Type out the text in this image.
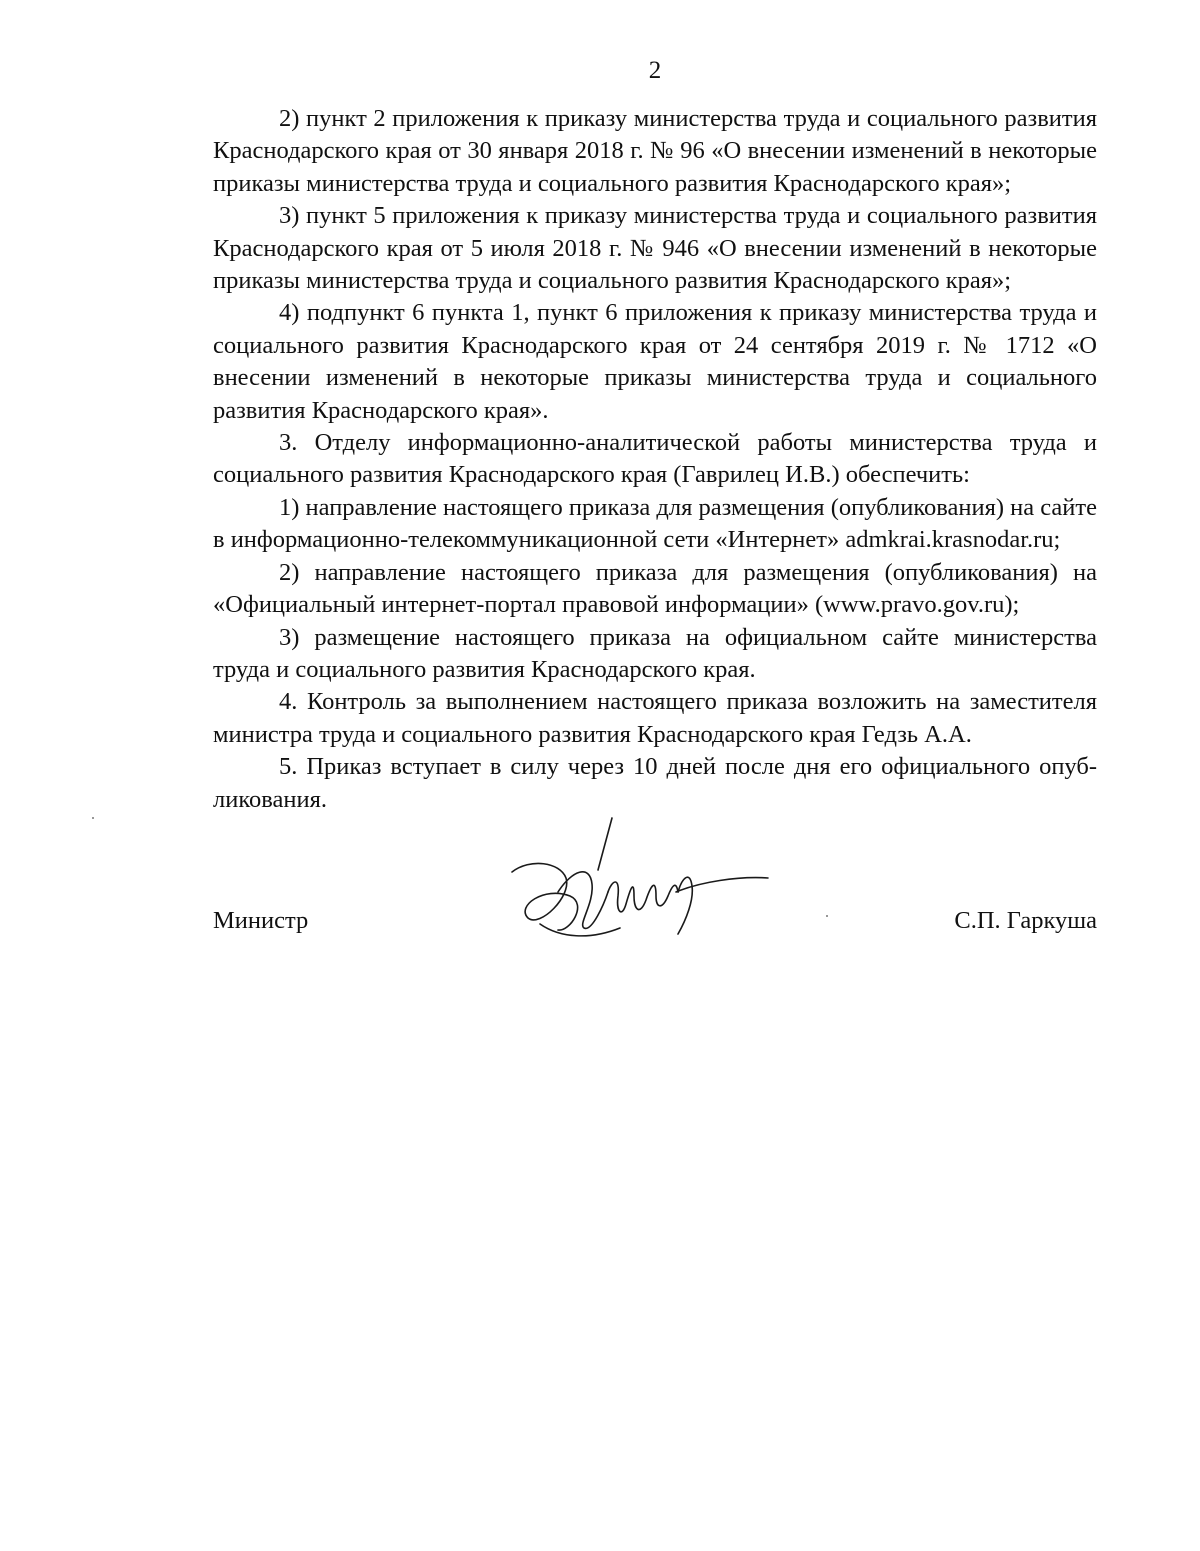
2

2) пункт 2 приложения к приказу министерства труда и социального развития Краснодарского края от 30 января 2018 г. № 96 «О внесении изменений в некоторые приказы министерства труда и социального развития Краснодарского края»;

3) пункт 5 приложения к приказу министерства труда и социального развития Краснодарского края от 5 июля 2018 г. № 946 «О внесении изменений в некоторые приказы министерства труда и социального развития Краснодарского края»;

4) подпункт 6 пункта 1, пункт 6 приложения к приказу министерства труда и социального развития Краснодарского края от 24 сентября 2019 г. № 1712 «О внесении изменений в некоторые приказы министерства труда и социального развития Краснодарского края».

3. Отделу информационно-аналитической работы министерства труда и социального развития Краснодарского края (Гаврилец И.В.) обеспечить:

1) направление настоящего приказа для размещения (опубликования) на сайте в информационно-телекоммуникационной сети «Интернет» admkrai.krasnodar.ru;

2) направление настоящего приказа для размещения (опубликования) на «Официальный интернет-портал правовой информации» (www.pravo.gov.ru);

3) размещение настоящего приказа на официальном сайте министерства труда и социального развития Краснодарского края.

4. Контроль за выполнением настоящего приказа возложить на заместителя министра труда и социального развития Краснодарского края Гедзь А.А.

5. Приказ вступает в силу через 10 дней после дня его официального опубликования.

Министр	С.П. Гаркуша
